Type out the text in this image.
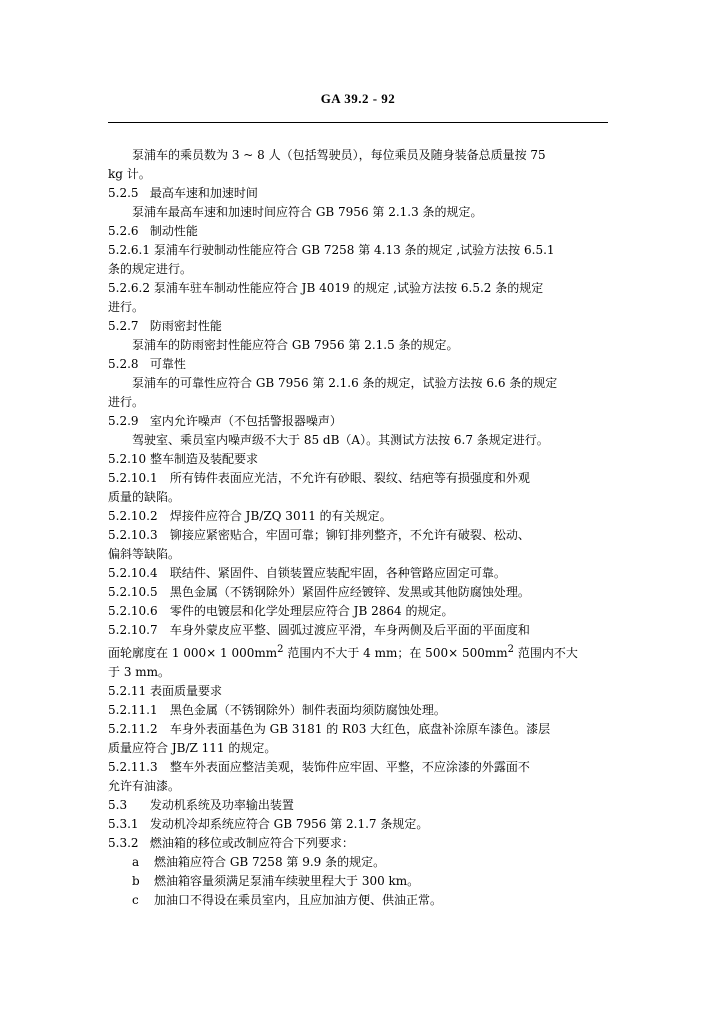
GA 39.2 - 92

泵浦车的乘员数为 3 ~ 8 人（包括驾驶员），每位乘员及随身装备总质量按 75

kg 计。

5.2.5 最高车速和加速时间

泵浦车最高车速和加速时间应符合 GB 7956 第 2.1.3 条的规定。

5.2.6 制动性能

5.2.6.1 泵浦车行驶制动性能应符合 GB 7258 第 4.13 条的规定 ,试验方法按 6.5.1

条的规定进行。

5.2.6.2 泵浦车驻车制动性能应符合 JB 4019 的规定 ,试验方法按 6.5.2 条的规定

进行。

5.2.7 防雨密封性能

泵浦车的防雨密封性能应符合 GB 7956 第 2.1.5 条的规定。

5.2.8 可靠性

泵浦车的可靠性应符合 GB 7956 第 2.1.6 条的规定，试验方法按 6.6 条的规定

进行。

5.2.9 室内允许噪声（不包括警报器噪声）

驾驶室、乘员室内噪声级不大于 85 dB（A）。其测试方法按 6.7 条规定进行。

5.2.10 整车制造及装配要求

5.2.10.1 所有铸件表面应光洁，不允许有砂眼、裂纹、结疤等有损强度和外观

质量的缺陷。

5.2.10.2 焊接件应符合 JB/ZQ 3011 的有关规定。

5.2.10.3 铆接应紧密贴合，牢固可靠；铆钉排列整齐，不允许有破裂、松动、

偏斜等缺陷。

5.2.10.4 联结件、紧固件、自锁装置应装配牢固，各种管路应固定可靠。

5.2.10.5 黑色金属（不锈钢除外）紧固件应经镀锌、发黑或其他防腐蚀处理。

5.2.10.6 零件的电镀层和化学处理层应符合 JB 2864 的规定。

5.2.10.7 车身外蒙皮应平整、圆弧过渡应平滑，车身两侧及后平面的平面度和

面轮廓度在 1 000× 1 $000mm^2$ 范围内不大于 4 mm；在 $500\times 500mm^2$ 范围内不大

于 3 mm。

5.2.11 表面质量要求

5.2.11.1 黑色金属（不锈钢除外）制件表面均须防腐蚀处理。

5.2.11.2 车身外表面基色为 GB 3181 的 R03 大红色，底盘补涂原车漆色。漆层

质量应符合 JB/Z 111 的规定。

5.2.11.3 整车外表面应整洁美观，装饰件应牢固、平整，不应涂漆的外露面不

允许有油漆。

5.3 发动机系统及功率输出装置

5.3.1 发动机冷却系统应符合 GB 7956 第 2.1.7 条规定。

5.3.2 燃油箱的移位或改制应符合下列要求：

a 燃油箱应符合 GB 7258 第 9.9 条的规定。

b 燃油箱容量须满足泵浦车续驶里程大于 300 km。

c 加油口不得设在乘员室内，且应加油方便、供油正常。
